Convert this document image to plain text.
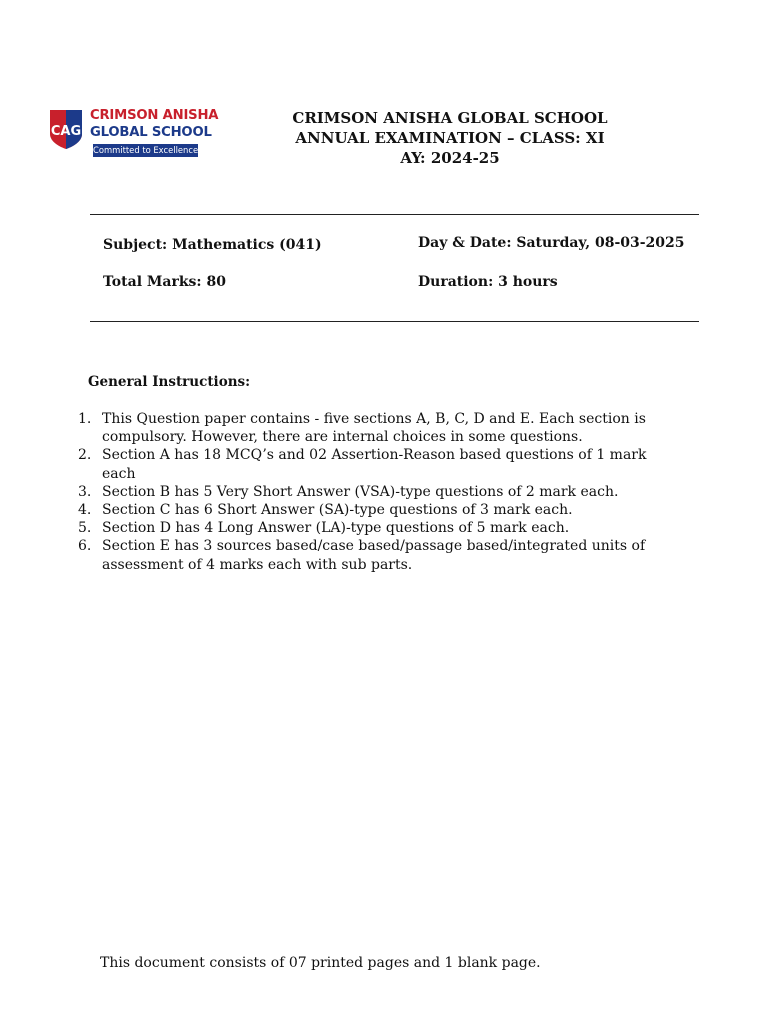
CAG
CRIMSON ANISHA
GLOBAL SCHOOL
Committed to Excellence
CRIMSON ANISHA GLOBAL SCHOOL
ANNUAL EXAMINATION – CLASS: XI
AY: 2024-25
Subject: Mathematics (041)	Day & Date: Saturday, 08-03-2025
Total Marks: 80	Duration: 3 hours
General Instructions:
1. This Question paper contains - five sections A, B, C, D and E. Each section is compulsory. However, there are internal choices in some questions.
2. Section A has 18 MCQ’s and 02 Assertion-Reason based questions of 1 mark each
3. Section B has 5 Very Short Answer (VSA)-type questions of 2 mark each.
4. Section C has 6 Short Answer (SA)-type questions of 3 mark each.
5. Section D has 4 Long Answer (LA)-type questions of 5 mark each.
6. Section E has 3 sources based/case based/passage based/integrated units of assessment of 4 marks each with sub parts.
This document consists of 07 printed pages and 1 blank page.
